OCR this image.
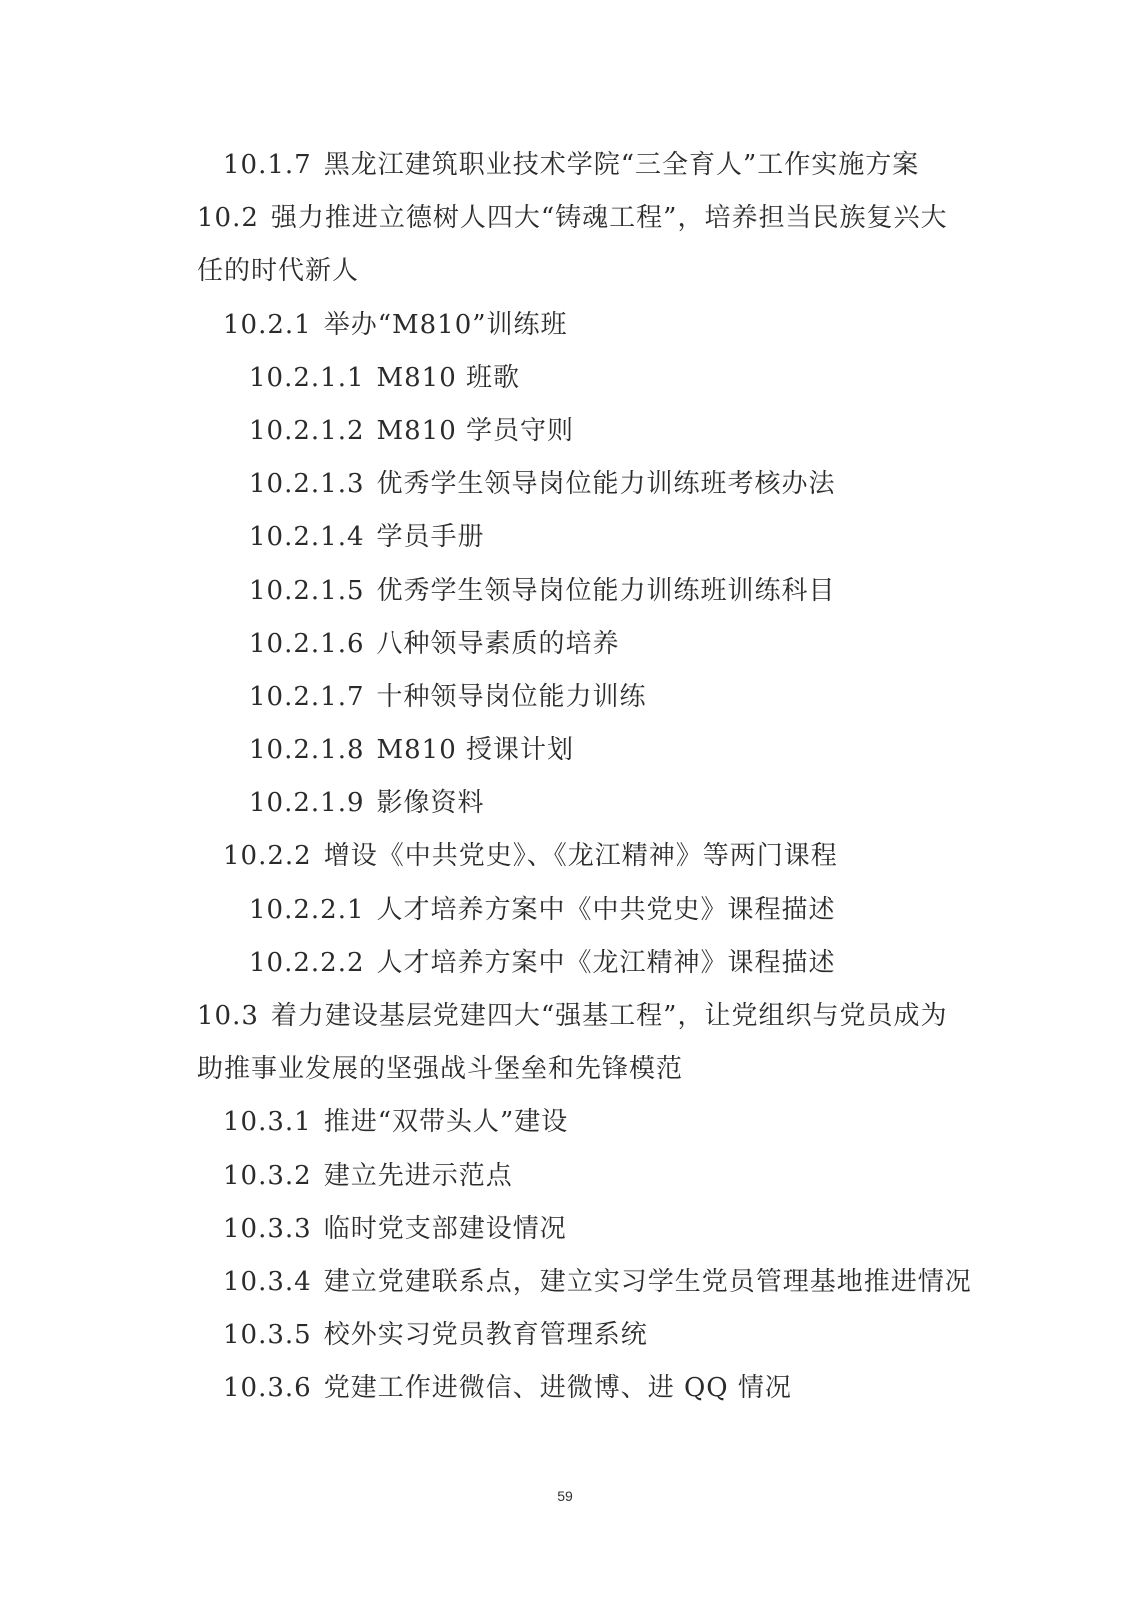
10.1.7 黑龙江建筑职业技术学院“三全育人”工作实施方案
10.2 强力推进立德树人四大“铸魂工程”，培养担当民族复兴大
任的时代新人
10.2.1 举办“M810”训练班
10.2.1.1 M810 班歌
10.2.1.2 M810 学员守则
10.2.1.3 优秀学生领导岗位能力训练班考核办法
10.2.1.4 学员手册
10.2.1.5 优秀学生领导岗位能力训练班训练科目
10.2.1.6 八种领导素质的培养
10.2.1.7 十种领导岗位能力训练
10.2.1.8 M810 授课计划
10.2.1.9 影像资料
10.2.2 增设《中共党史》、《龙江精神》等两门课程
10.2.2.1 人才培养方案中《中共党史》课程描述
10.2.2.2 人才培养方案中《龙江精神》课程描述
10.3 着力建设基层党建四大“强基工程”，让党组织与党员成为
助推事业发展的坚强战斗堡垒和先锋模范
10.3.1 推进“双带头人”建设
10.3.2 建立先进示范点
10.3.3 临时党支部建设情况
10.3.4 建立党建联系点，建立实习学生党员管理基地推进情况
10.3.5 校外实习党员教育管理系统
10.3.6 党建工作进微信、进微博、进 QQ 情况
59
